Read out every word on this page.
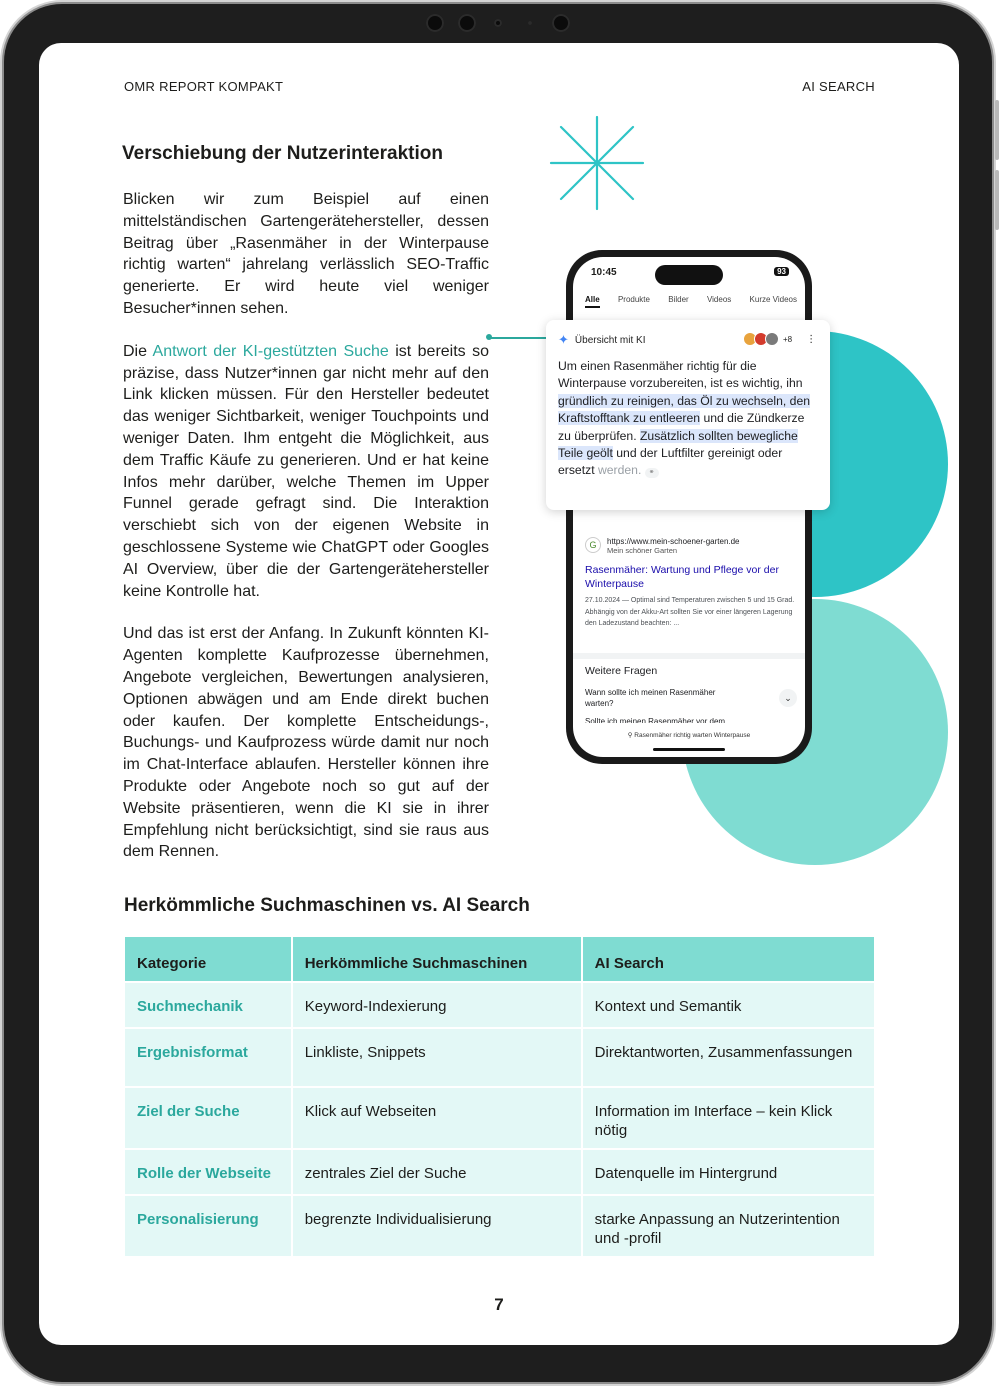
OMR REPORT KOMPAKT	AI SEARCH
Verschiebung der Nutzerinteraktion

Blicken wir zum Beispiel auf einen mittelständischen Gartengerätehersteller, dessen Beitrag über „Rasenmäher in der Winterpause richtig warten“ jahrelang verlässlich SEO-Traffic generierte. Er wird heute viel weniger Besucher*innen sehen.

Die Antwort der KI-gestützten Suche ist bereits so präzise, dass Nutzer*innen gar nicht mehr auf den Link klicken müssen. Für den Hersteller bedeutet das weniger Sichtbarkeit, weniger Touchpoints und weniger Daten. Ihm entgeht die Möglichkeit, aus dem Traffic Käufe zu generieren. Und er hat keine Infos mehr darüber, welche Themen im Upper Funnel gerade gefragt sind. Die Interaktion verschiebt sich von der eigenen Website in geschlossene Systeme wie ChatGPT oder Googles AI Overview, über die der Gartengerätehersteller keine Kontrolle hat.

Und das ist erst der Anfang. In Zukunft könnten KI-Agenten komplette Kaufprozesse übernehmen, Angebote vergleichen, Bewertungen analysieren, Optionen abwägen und am Ende direkt buchen oder kaufen. Der komplette Entscheidungs-, Buchungs- und Kaufprozess würde damit nur noch im Chat-Interface ablaufen. Hersteller können ihre Produkte oder Angebote noch so gut auf der Website präsentieren, wenn die KI sie in ihrer Empfehlung nicht berücksichtigt, sind sie raus aus dem Rennen.

10:45	93
Alle Produkte Bilder Videos Kurze Videos
G	https://www.mein-schoener-garten.de
Mein schöner Garten
Rasenmäher: Wartung und Pflege vor der Winterpause
27.10.2024 — Optimal sind Temperaturen zwischen 5 und 15 Grad. Abhängig von der Akku-Art sollten Sie vor einer längeren Lagerung den Ladezustand beachten: ...
Weitere Fragen
Wann sollte ich meinen Rasenmäher warten?
⌄
Sollte ich meinen Rasenmäher vor dem ...
⚲ Rasenmäher richtig warten Winterpause
✦ Übersicht mit KI	+8 ⋮
Um einen Rasenmäher richtig für die Winterpause vorzubereiten, ist es wichtig, ihn gründlich zu reinigen, das Öl zu wechseln, den Kraftstofftank zu entleeren und die Zündkerze zu überprüfen. Zusätzlich sollten bewegliche Teile geölt und der Luftfilter gereinigt oder ersetzt werden. ⚭
Herkömmliche Suchmaschinen vs. AI Search
Kategorie	Herkömmliche Suchmaschinen	AI Search
Suchmechanik	Keyword-Indexierung	Kontext und Semantik
Ergebnisformat	Linkliste, Snippets	Direktantworten, Zusammenfassungen
Ziel der Suche	Klick auf Webseiten	Information im Interface – kein Klick nötig
Rolle der Webseite	zentrales Ziel der Suche	Datenquelle im Hintergrund
Personalisierung	begrenzte Individualisierung	starke Anpassung an Nutzerintention und -profil
7
